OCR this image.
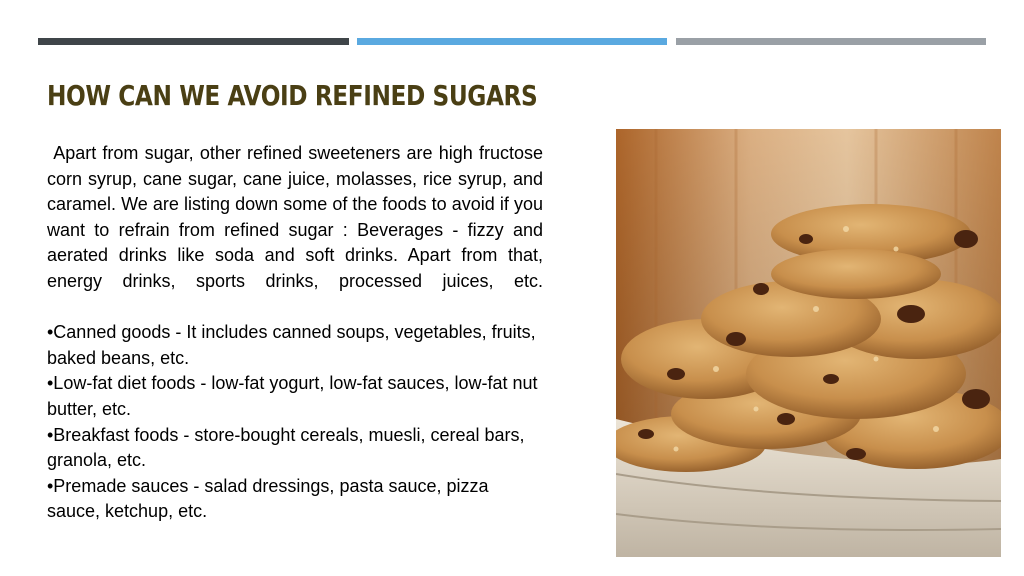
HOW CAN WE AVOID REFINED SUGARS

Apart from sugar, other refined sweeteners are high fructose corn syrup, cane sugar, cane juice, molasses, rice syrup, and caramel. We are listing down some of the foods to avoid if you want to refrain from refined sugar : Beverages - fizzy and aerated drinks like soda and soft drinks. Apart from that, energy drinks, sports drinks, processed juices, etc.

•Canned goods - It includes canned soups, vegetables, fruits, baked beans, etc.

•Low-fat diet foods - low-fat yogurt, low-fat sauces, low-fat nut butter, etc.

•Breakfast foods - store-bought cereals, muesli, cereal bars, granola, etc.

•Premade sauces - salad dressings, pasta sauce, pizza sauce, ketchup, etc.
